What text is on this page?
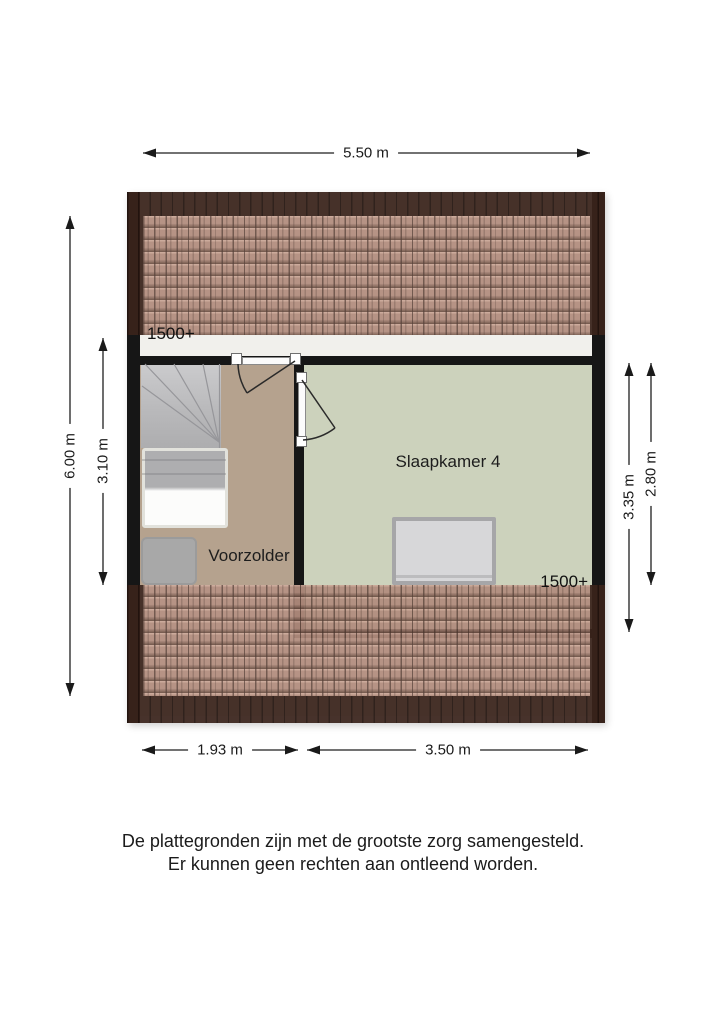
Slaapkamer 4
Voorzolder
1500+
1500+
5.50 m
6.00 m 3.10 m
3.35 m
2.80 m
1.93 m	3.50 m
De plattegronden zijn met de grootste zorg samengesteld.
Er kunnen geen rechten aan ontleend worden.
